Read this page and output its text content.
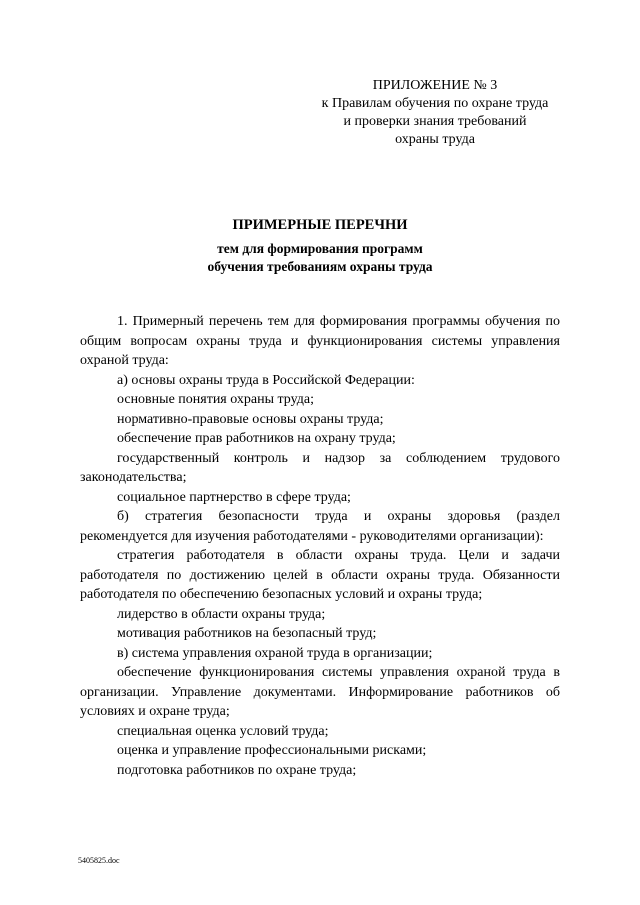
ПРИЛОЖЕНИЕ № 3
к Правилам обучения по охране труда
и проверки знания требований
охраны труда
ПРИМЕРНЫЕ ПЕРЕЧНИ
тем для формирования программ
обучения требованиям охраны труда

1. Примерный перечень тем для формирования программы обучения по общим вопросам охраны труда и функционирования системы управления охраной труда:

а) основы охраны труда в Российской Федерации:

основные понятия охраны труда;

нормативно-правовые основы охраны труда;

обеспечение прав работников на охрану труда;

государственный контроль и надзор за соблюдением трудового законодательства;

социальное партнерство в сфере труда;

б) стратегия безопасности труда и охраны здоровья (раздел рекомендуется для изучения работодателями - руководителями организации):

стратегия работодателя в области охраны труда. Цели и задачи работодателя по достижению целей в области охраны труда. Обязанности работодателя по обеспечению безопасных условий и охраны труда;

лидерство в области охраны труда;

мотивация работников на безопасный труд;

в) система управления охраной труда в организации;

обеспечение функционирования системы управления охраной труда в организации. Управление документами. Информирование работников об условиях и охране труда;

специальная оценка условий труда;

оценка и управление профессиональными рисками;

подготовка работников по охране труда;

5405825.doc
